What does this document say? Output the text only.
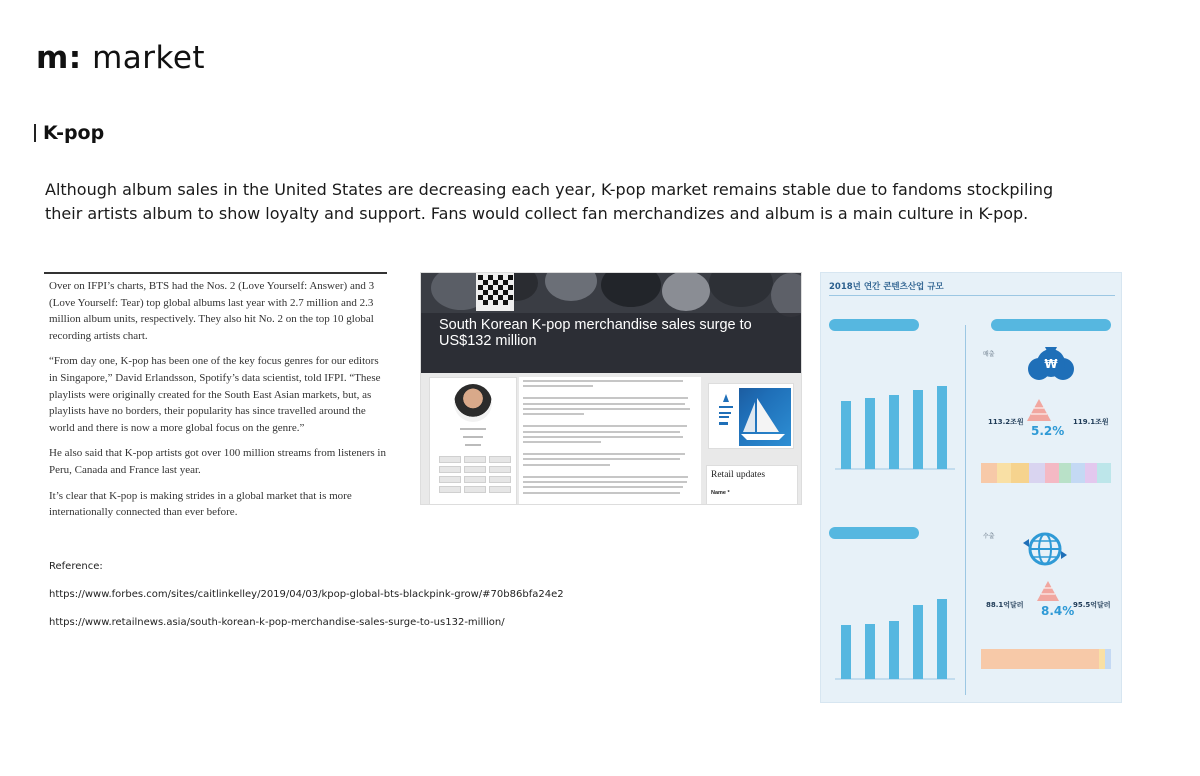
m: market
K-pop

Although album sales in the United States are decreasing each year, K-pop market remains stable due to fandoms stockpiling their artists album to show loyalty and support. Fans would collect fan merchandizes and album is a main culture in K-pop.

Over on IFPI’s charts, BTS had the Nos. 2 (Love Yourself: Answer) and 3 (Love Yourself: Tear) top global albums last year with 2.7 million and 2.3 million album units, respectively. They also hit No. 2 on the top 10 global recording artists chart.

“From day one, K-pop has been one of the key focus genres for our editors in Singapore,” David Erlandsson, Spotify’s data scientist, told IFPI. “These playlists were originally created for the South East Asian markets, but, as playlists have no borders, their popularity has since travelled around the world and there is now a more global focus on the genre.”

He also said that K-pop artists got over 100 million streams from listeners in Peru, Canada and France last year.

It’s clear that K-pop is making strides in a global market that is more internationally connected than ever before.

South Korean K-pop merchandise sales surge to US$132 million
Retail updates
Name *
2018년 연간 콘텐츠산업 규모
₩
5.2%
113.2조원	119.1조원
매출
8.4%
88.1억달러	95.5억달러
수출
Reference:
https://www.forbes.com/sites/caitlinkelley/2019/04/03/kpop-global-bts-blackpink-grow/#70b86bfa24e2
https://www.retailnews.asia/south-korean-k-pop-merchandise-sales-surge-to-us132-million/
